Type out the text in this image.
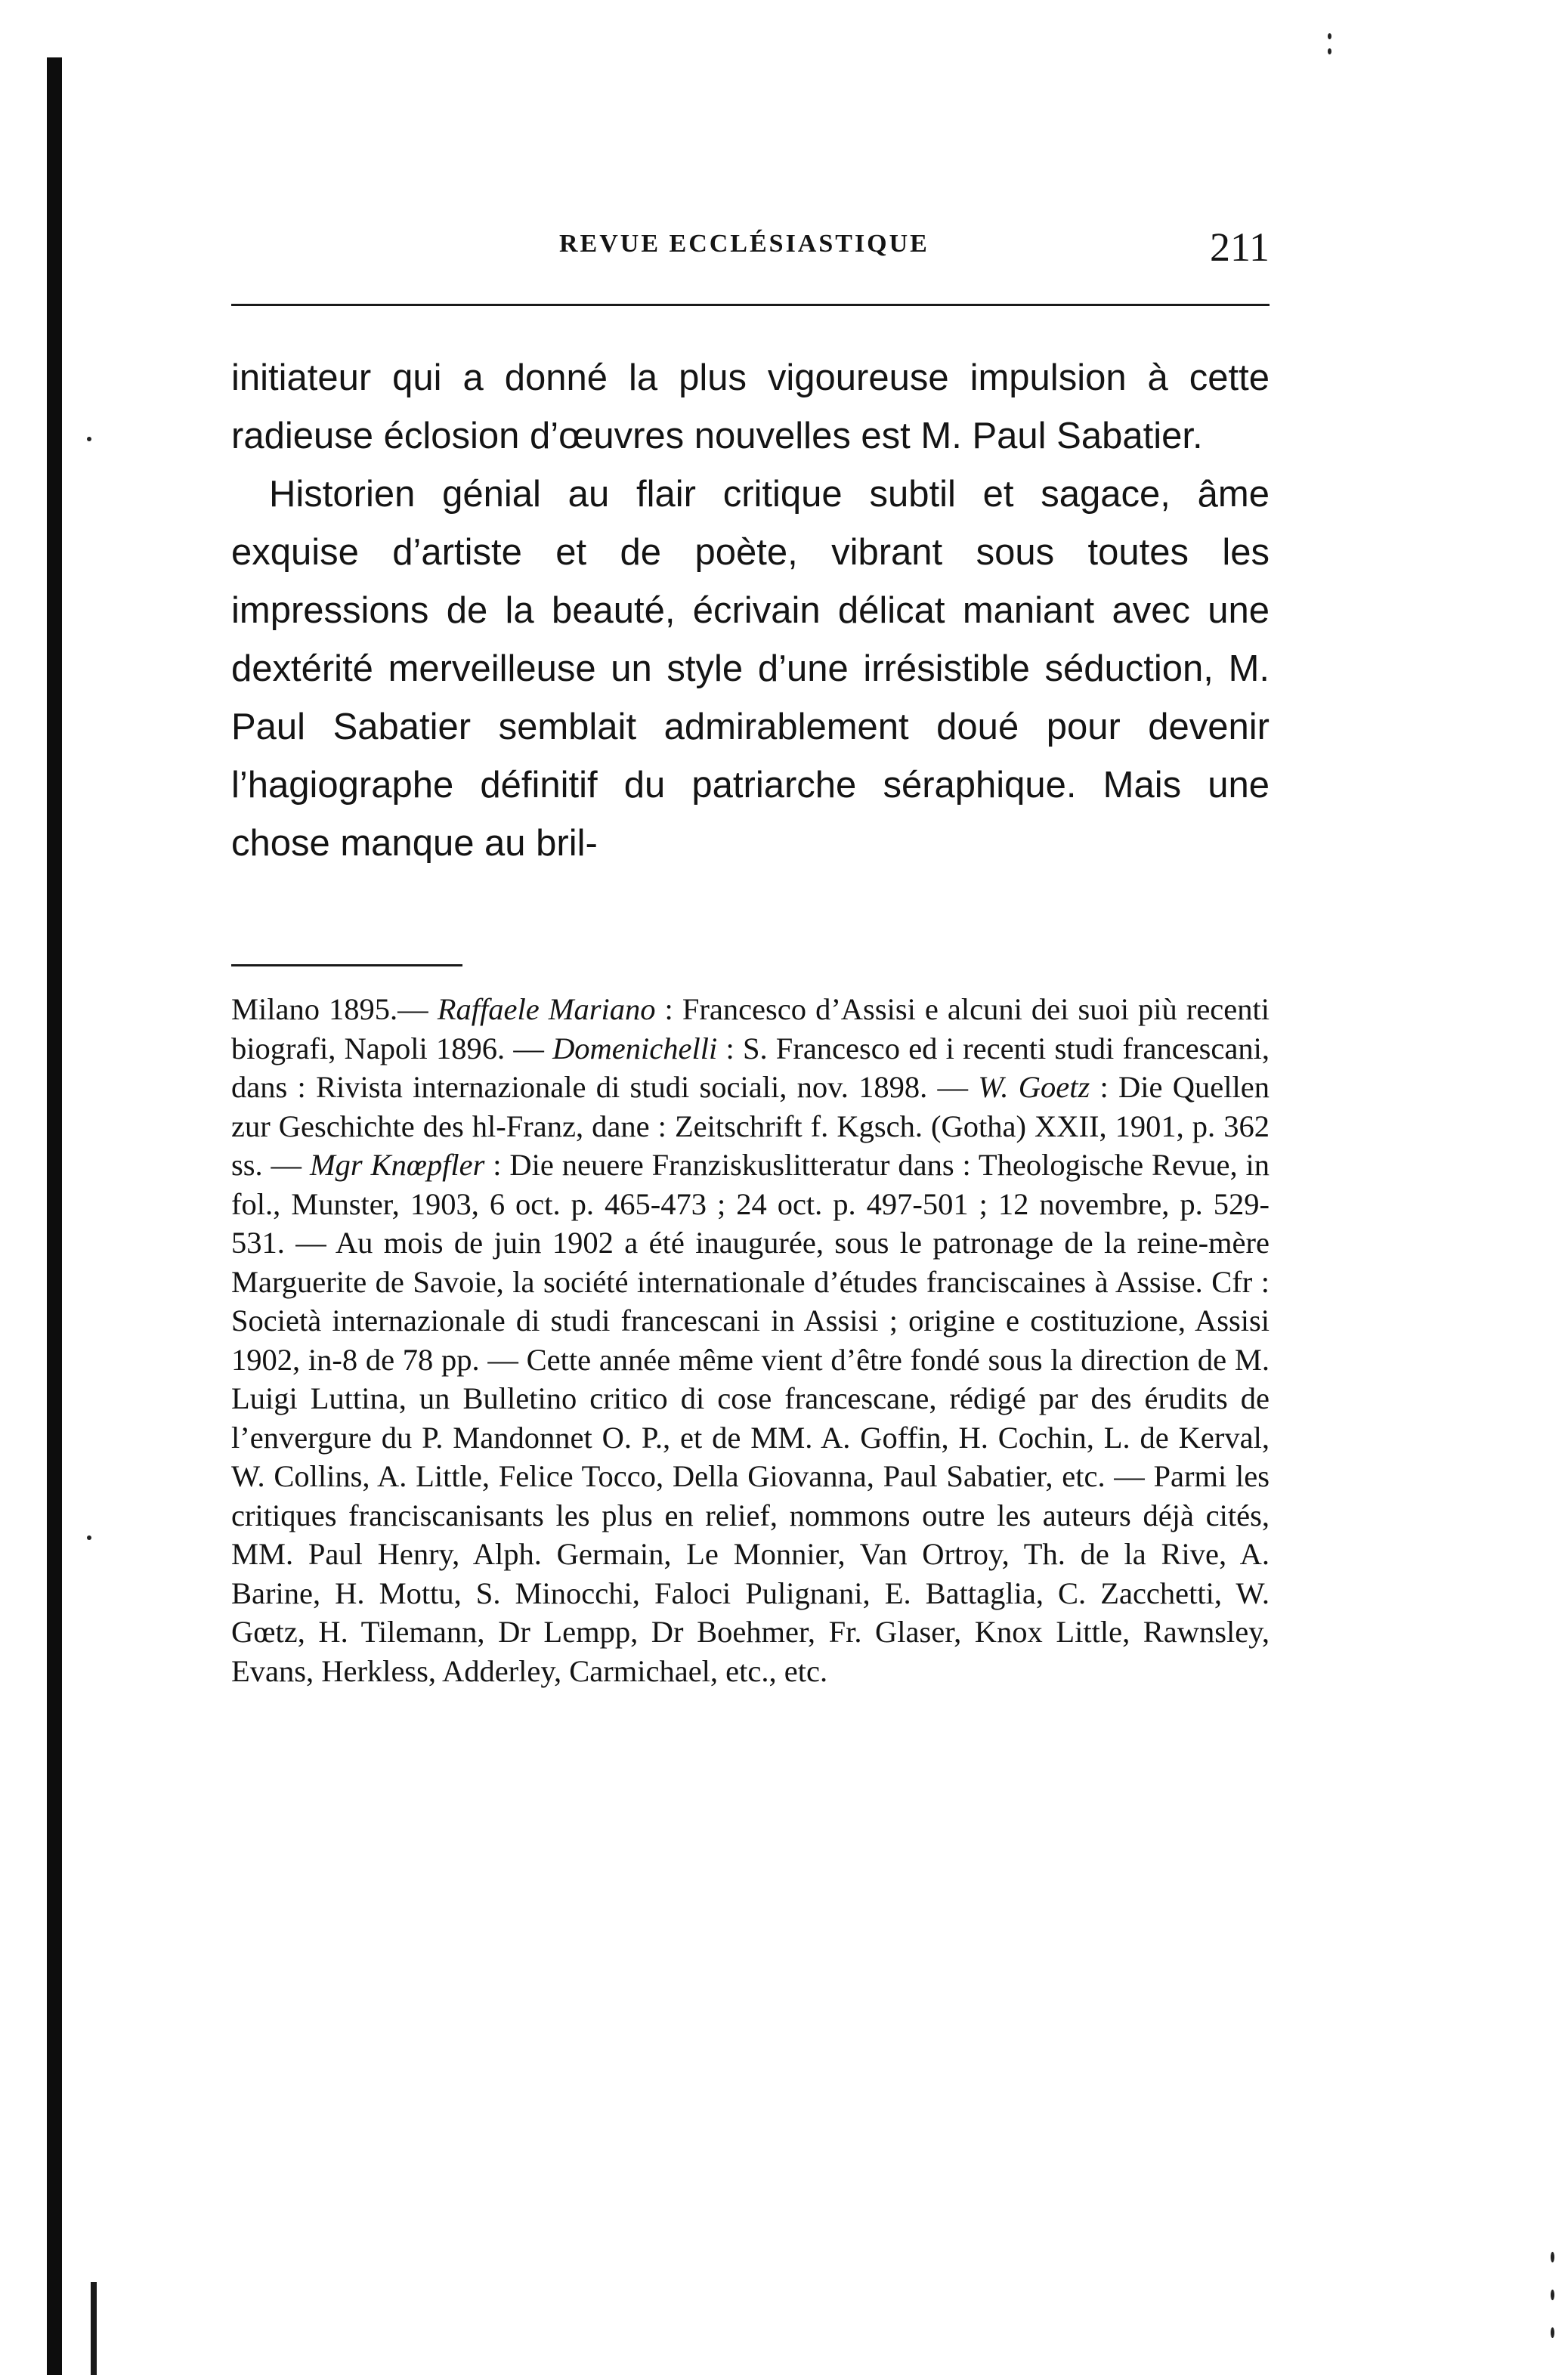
REVUE ECCLÉSIASTIQUE	211

initiateur qui a donné la plus vigoureuse impulsion à cette radieuse éclosion d’œuvres nouvelles est M. Paul Sabatier.

Historien génial au flair critique subtil et sagace, âme exquise d’artiste et de poète, vibrant sous toutes les impressions de la beauté, écrivain délicat maniant avec une dextérité merveilleuse un style d’une irrésistible séduction, M. Paul Sabatier semblait admirablement doué pour devenir l’hagiographe définitif du patriarche séraphique. Mais une chose manque au bril-

Milano 1895.— Raffaele Mariano : Francesco d’Assisi e alcuni dei suoi più recenti biografi, Napoli 1896. — Domenichelli : S. Francesco ed i recenti studi francescani, dans : Rivista internazionale di studi sociali, nov. 1898. — W. Goetz : Die Quellen zur Geschichte des hl-Franz, dane : Zeitschrift f. Kgsch. (Gotha) XXII, 1901, p. 362 ss. — Mgr Knœpfler : Die neuere Franziskuslitteratur dans : Theologische Revue, in fol., Munster, 1903, 6 oct. p. 465-473 ; 24 oct. p. 497-501 ; 12 novembre, p. 529-531. — Au mois de juin 1902 a été inaugurée, sous le patronage de la reine-mère Marguerite de Savoie, la société internationale d’études franciscaines à Assise. Cfr : Società internazionale di studi francescani in Assisi ; origine e costituzione, Assisi 1902, in-8 de 78 pp. — Cette année même vient d’être fondé sous la direction de M. Luigi Luttina, un Bulletino critico di cose francescane, rédigé par des érudits de l’envergure du P. Mandonnet O. P., et de MM. A. Goffin, H. Cochin, L. de Kerval, W. Collins, A. Little, Felice Tocco, Della Giovanna, Paul Sabatier, etc. — Parmi les critiques franciscanisants les plus en relief, nommons outre les auteurs déjà cités, MM. Paul Henry, Alph. Germain, Le Monnier, Van Ortroy, Th. de la Rive, A. Barine, H. Mottu, S. Minocchi, Faloci Pulignani, E. Battaglia, C. Zacchetti, W. Gœtz, H. Tilemann, Dr Lempp, Dr Boehmer, Fr. Glaser, Knox Little, Rawnsley, Evans, Herkless, Adderley, Carmichael, etc., etc.
